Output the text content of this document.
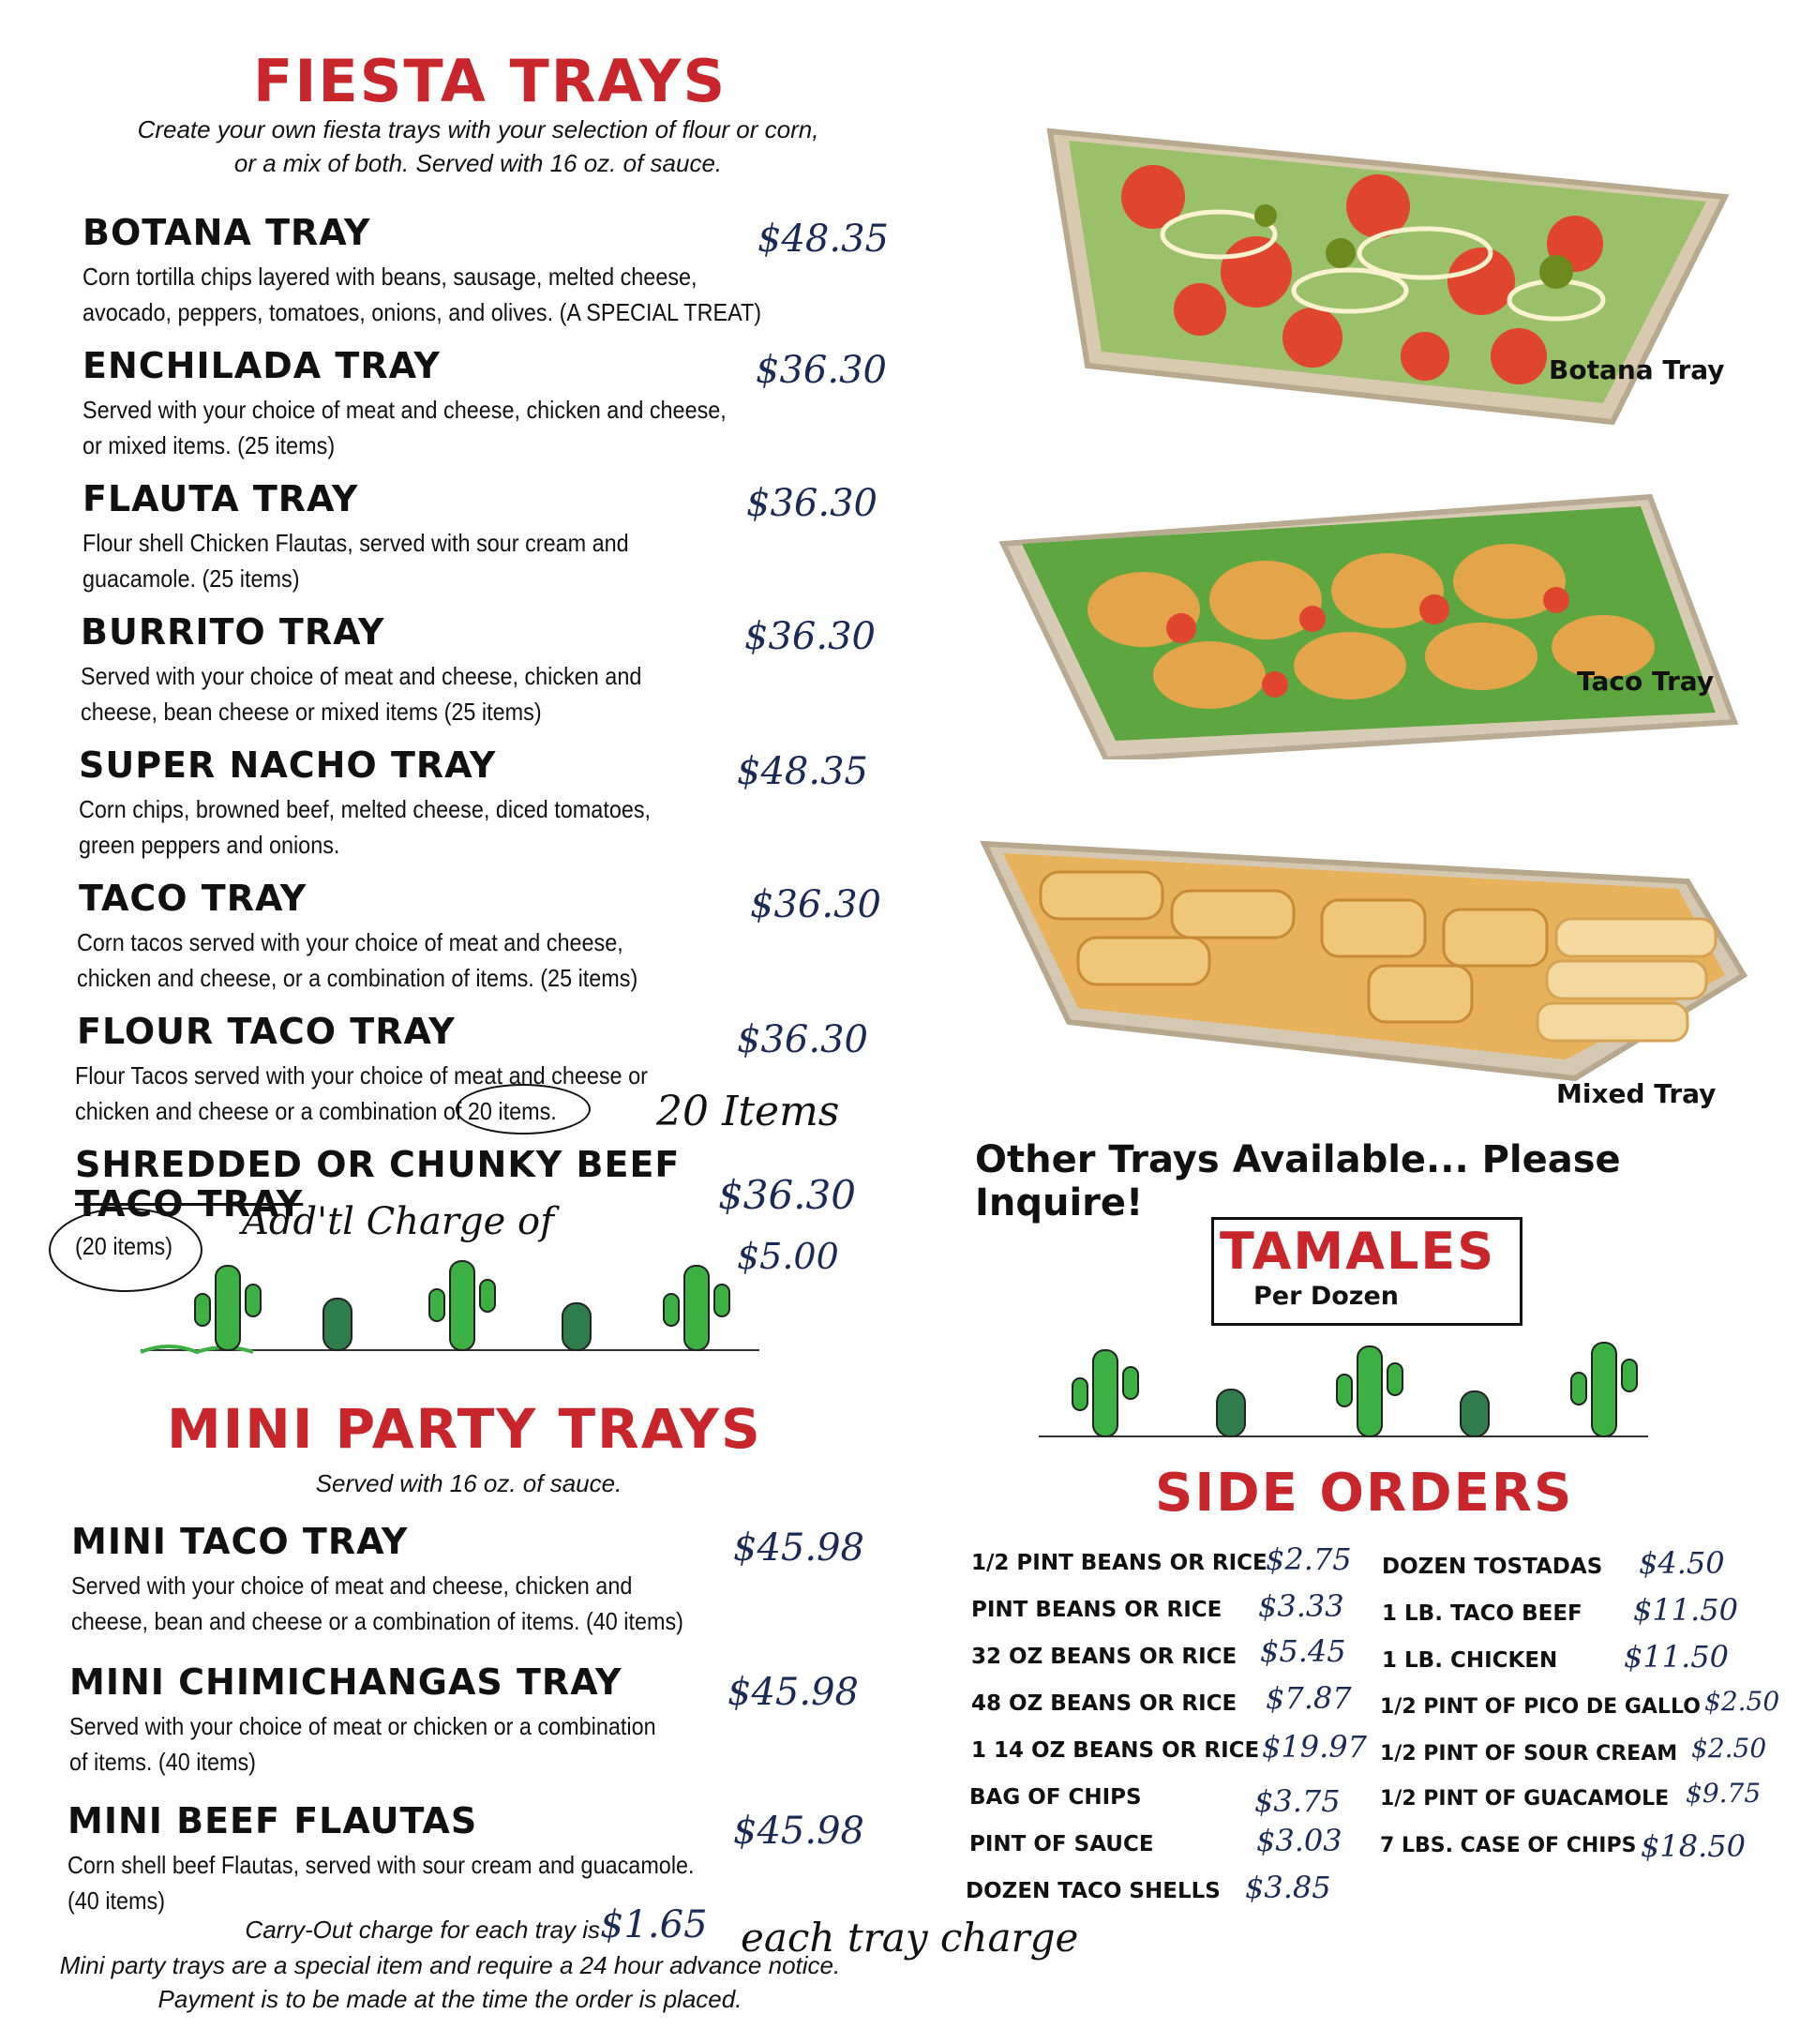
FIESTA TRAYS
Create your own fiesta trays with your selection of flour or corn,
or a mix of both. Served with 16 oz. of sauce.
BOTANA TRAY
Corn tortilla chips layered with beans, sausage, melted cheese,
avocado, peppers, tomatoes, onions, and olives. (A SPECIAL TREAT)
$48.35
ENCHILADA TRAY
Served with your choice of meat and cheese, chicken and cheese,
or mixed items. (25 items)
$36.30
FLAUTA TRAY
Flour shell Chicken Flautas, served with sour cream and
guacamole. (25 items)
$36.30
BURRITO TRAY
Served with your choice of meat and cheese, chicken and
cheese, bean cheese or mixed items (25 items)
$36.30
SUPER NACHO TRAY
Corn chips, browned beef, melted cheese, diced tomatoes,
green peppers and onions.
$48.35
TACO TRAY
Corn tacos served with your choice of meat and cheese,
chicken and cheese, or a combination of items. (25 items)
$36.30
FLOUR TACO TRAY
Flour Tacos served with your choice of meat and cheese or
chicken and cheese or a combination of 20 items.
$36.30
20 Items
SHREDDED OR CHUNKY BEEF
TACO TRAY
(20 items)
$36.30
Add'tl Charge of
$5.00
MINI PARTY TRAYS
Served with 16 oz. of sauce.
MINI TACO TRAY
Served with your choice of meat and cheese, chicken and
cheese, bean and cheese or a combination of items. (40 items)
$45.98
MINI CHIMICHANGAS TRAY
Served with your choice of meat or chicken or a combination
of items. (40 items)
$45.98
MINI BEEF FLAUTAS
Corn shell beef Flautas, served with sour cream and guacamole.
(40 items)
$45.98
Carry-Out charge for each tray is $1.65 each tray charge
Mini party trays are a special item and require a 24 hour advance notice.
Payment is to be made at the time the order is placed.
Botana Tray
Taco Tray
Mixed Tray
Other Trays Available... Please Inquire!
TAMALES
Per Dozen
SIDE ORDERS
1/2 PINT BEANS OR RICE
$2.75
PINT BEANS OR RICE $3.33
32 OZ BEANS OR RICE $5.45
48 OZ BEANS OR RICE $7.87
1 14 OZ BEANS OR RICE $19.97
BAG OF CHIPS	$3.75
PINT OF SAUCE	$3.03
DOZEN TACO SHELLS $3.85
DOZEN TOSTADAS $4.50
1 LB. TACO BEEF $11.50
1 LB. CHICKEN $11.50
1/2 PINT OF PICO DE GALLO $2.50
1/2 PINT OF SOUR CREAM $2.50
1/2 PINT OF GUACAMOLE $9.75
7 LBS. CASE OF CHIPS $18.50
